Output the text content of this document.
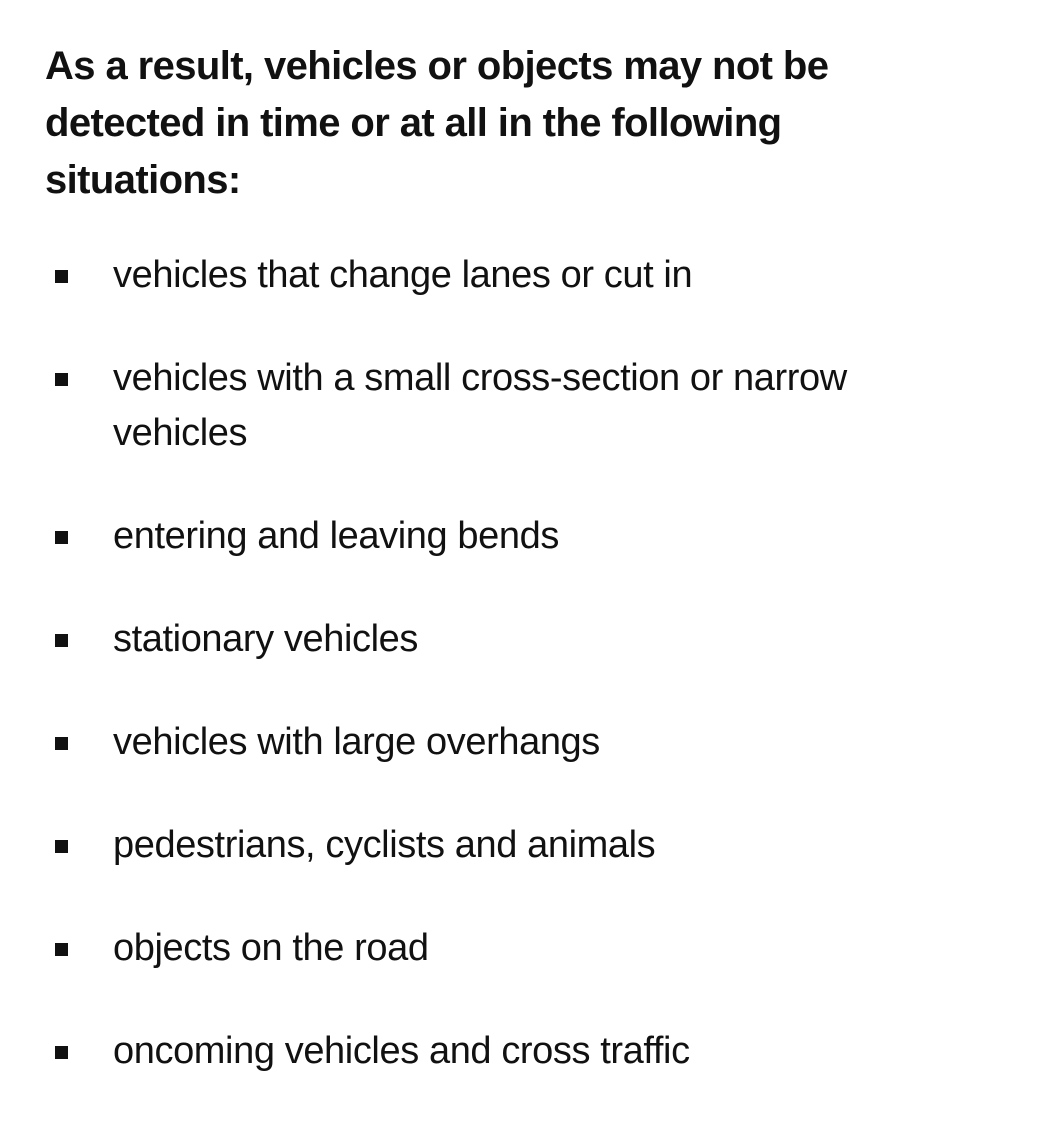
As a result, vehicles or objects may not be detected in time or at all in the following situations:
vehicles that change lanes or cut in
vehicles with a small cross-section or narrow vehicles
entering and leaving bends
stationary vehicles
vehicles with large overhangs
pedestrians, cyclists and animals
objects on the road
oncoming vehicles and cross traffic
